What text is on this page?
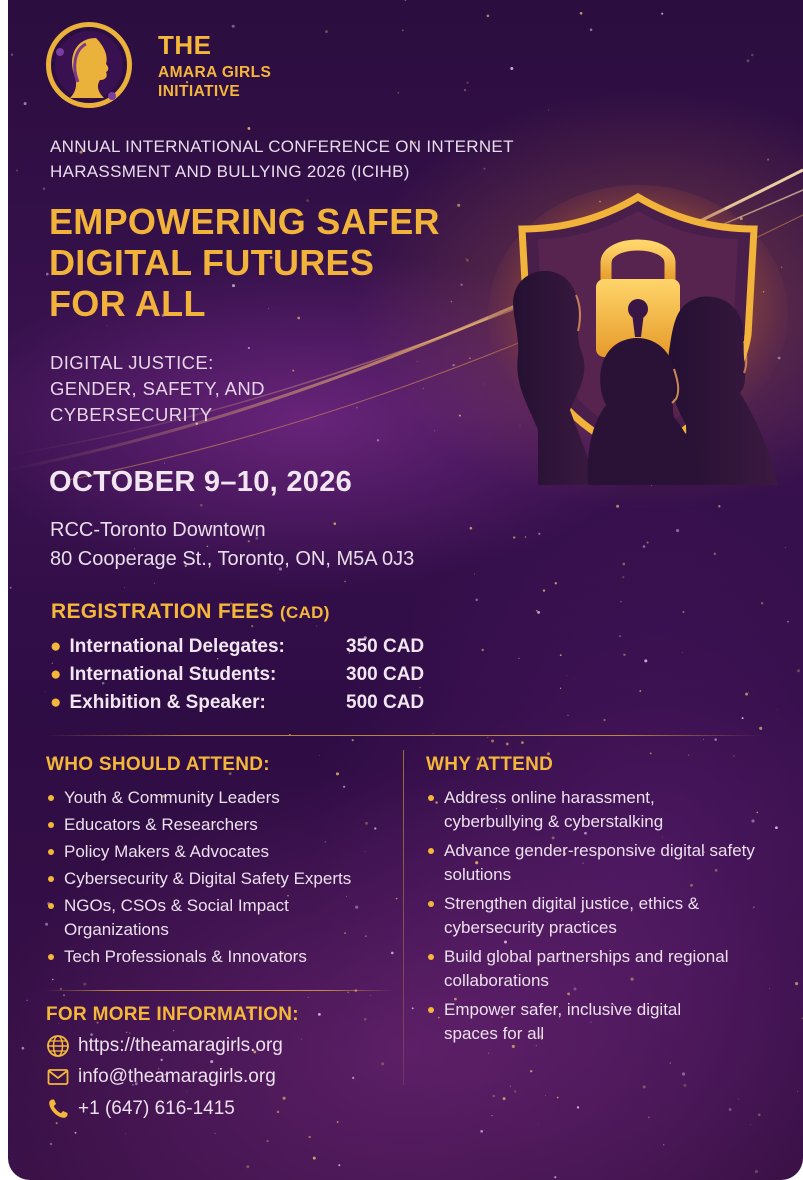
THE
AMARA GIRLS
INITIATIVE
ANNUAL INTERNATIONAL CONFERENCE ON INTERNET
HARASSMENT AND BULLYING 2026 (ICIHB)
EMPOWERING SAFER
DIGITAL FUTURES
FOR ALL
DIGITAL JUSTICE:
GENDER, SAFETY, AND
CYBERSECURITY
OCTOBER 9–10, 2026
RCC-Toronto Downtown
80 Cooperage St., Toronto, ON, M5A 0J3
REGISTRATION FEES (CAD)
● International Delegates:	350 CAD
● International Students:	300 CAD
● Exhibition & Speaker:	500 CAD
WHO SHOULD ATTEND:
Youth & Community Leaders
Educators & Researchers
Policy Makers & Advocates
Cybersecurity & Digital Safety Experts
NGOs, CSOs & Social Impact Organizations
Tech Professionals & Innovators
WHY ATTEND
Address online harassment, cyberbullying & cyberstalking
Advance gender-responsive digital safety solutions
Strengthen digital justice, ethics & cybersecurity practices
Build global partnerships and regional collaborations
Empower safer, inclusive digital spaces for all
FOR MORE INFORMATION:
https://theamaragirls.org
info@theamaragirls.org
+1 (647) 616-1415
